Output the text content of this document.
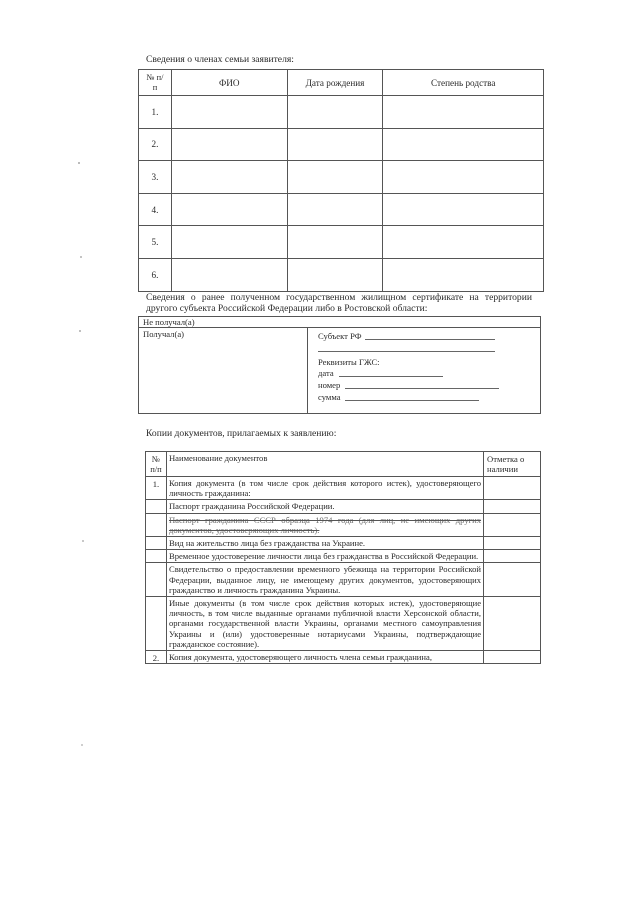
Сведения о членах семьи заявителя:
№ п/п	ФИО	Дата рождения	Степень родства
1.			
2.			
3.			
4.			
5.			
6.			
Сведения о ранее полученном государственном жилищном сертификате на территории другого субъекта Российской Федерации либо в Ростовской области:
Не получал(а)
Получал(а)	Субъект РФ
Реквизиты ГЖС:
дата
номер
сумма
Копии документов, прилагаемых к заявлению:
№ п/п	Наименование документов	Отметка о наличии
1.	Копия документа (в том числе срок действия которого истек), удостоверяющего личность гражданина:	
	Паспорт гражданина Российской Федерации.	
	Паспорт гражданина СССР образца 1974 года (для лиц, не имеющих других документов, удостоверяющих личность).	
	Вид на жительство лица без гражданства на Украине.	
	Временное удостоверение личности лица без гражданства в Российской Федерации.	
	Свидетельство о предоставлении временного убежища на территории Российской Федерации, выданное лицу, не имеющему других документов, удостоверяющих гражданство и личность гражданина Украины.	
	Иные документы (в том числе срок действия которых истек), удостоверяющие личность, в том числе выданные органами публичной власти Херсонской области, органами государственной власти Украины, органами местного самоуправления Украины и (или) удостоверенные нотариусами Украины, подтверждающие гражданское состояние).	
2.	Копия документа, удостоверяющего личность члена семьи гражданина,	
